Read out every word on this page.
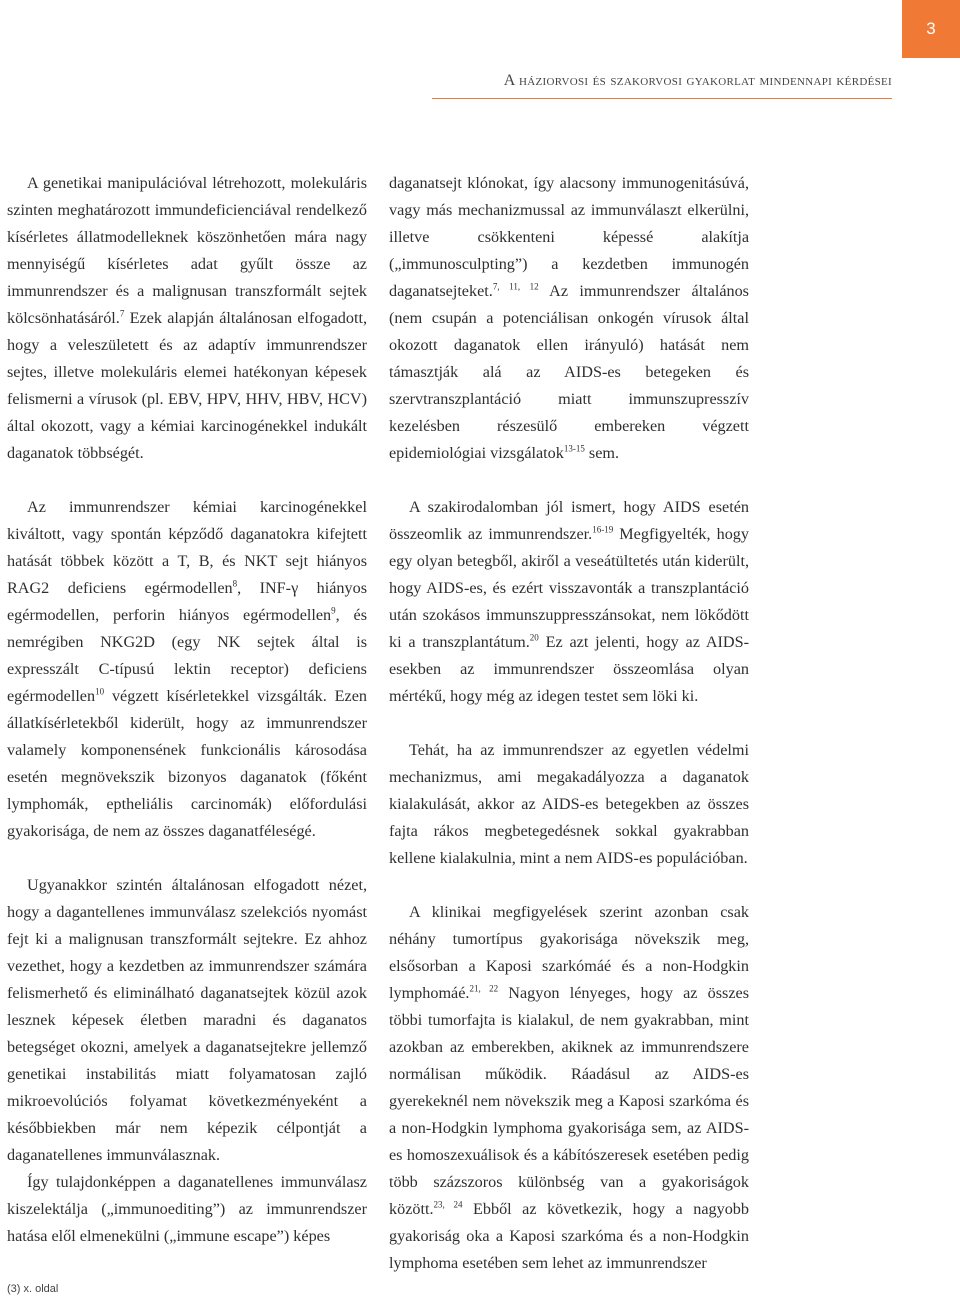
3
A háziorvosi és szakorvosi gyakorlat mindennapi kérdései

A genetikai manipulációval létrehozott, molekuláris szinten meghatározott immundeficienciával rendelkező kísérletes állatmodelleknek köszönhetően mára nagy mennyiségű kísérletes adat gyűlt össze az immunrendszer és a malignusan transzformált sejtek kölcsönhatásáról.$^7$ Ezek alapján általánosan elfogadott, hogy a veleszületett és az adaptív immunrendszer sejtes, illetve molekuláris elemei hatékonyan képesek felismerni a vírusok (pl. EBV, HPV, HHV, HBV, HCV) által okozott, vagy a kémiai karcinogénekkel indukált daganatok többségét.

Az immunrendszer kémiai karcinogénekkel kiváltott, vagy spontán képződő daganatokra kifejtett hatását többek között a T, B, és NKT sejt hiányos RAG2 deficiens egérmodellen$^8$, INF-γ hiányos egérmodellen, perforin hiányos egérmodellen$^9$, és nemrégiben NKG2D (egy NK sejtek által is expresszált C-típusú lektin receptor) deficiens egérmodellen$^{10}$ végzett kísérletekkel vizsgálták. Ezen állatkísérletekből kiderült, hogy az immunrendszer valamely komponensének funkcionális károsodása esetén megnövekszik bizonyos daganatok (főként lymphomák, eptheliális carcinomák) előfordulási gyakorisága, de nem az összes daganatféleségé.

Ugyanakkor szintén általánosan elfogadott nézet, hogy a dagantellenes immunválasz szelekciós nyomást fejt ki a malignusan transzformált sejtekre. Ez ahhoz vezethet, hogy a kezdetben az immunrendszer számára felismerhető és eliminálható daganatsejtek közül azok lesznek képesek életben maradni és daganatos betegséget okozni, amelyek a daganatsejtekre jellemző genetikai instabilitás miatt folyamatosan zajló mikroevolúciós folyamat következményeként a későbbiekben már nem képezik célpontját a daganatellenes immunválasznak.

Így tulajdonképpen a daganatellenes immunválasz kiszelektálja („immunoediting”) az immunrendszer hatása elől elmenekülni („immune escape”) képes

daganatsejt klónokat, így alacsony immunogenitásúvá, vagy más mechanizmussal az immunválaszt elkerülni, illetve csökkenteni képessé alakítja („immunosculpting”) a kezdetben immunogén daganatsejteket.$^{7, 11, 12}$ Az immunrendszer általános (nem csupán a potenciálisan onkogén vírusok által okozott daganatok ellen irányuló) hatását nem támasztják alá az AIDS-es betegeken és szervtranszplantáció miatt immunszupresszív kezelésben részesülő embereken végzett epidemiológiai vizsgálatok$^{13-15}$ sem.

A szakirodalomban jól ismert, hogy AIDS esetén összeomlik az immunrendszer.$^{16-19}$ Megfigyelték, hogy egy olyan betegből, akiről a veseátültetés után kiderült, hogy AIDS-es, és ezért visszavonták a transzplantáció után szokásos immunszuppresszánsokat, nem lökődött ki a transzplantátum.$^{20}$ Ez azt jelenti, hogy az AIDS-esekben az immunrendszer összeomlása olyan mértékű, hogy még az idegen testet sem löki ki.

Tehát, ha az immunrendszer az egyetlen védelmi mechanizmus, ami megakadályozza a daganatok kialakulását, akkor az AIDS-es betegekben az összes fajta rákos megbetegedésnek sokkal gyakrabban kellene kialakulnia, mint a nem AIDS-es populációban.

A klinikai megfigyelések szerint azonban csak néhány tumortípus gyakorisága növekszik meg, elsősorban a Kaposi szarkómáé és a non-Hodgkin lymphomáé.$^{21, 22}$ Nagyon lényeges, hogy az összes többi tumorfajta is kialakul, de nem gyakrabban, mint azokban az emberekben, akiknek az immunrendszere normálisan működik. Ráadásul az AIDS-es gyerekeknél nem növekszik meg a Kaposi szarkóma és a non-Hodgkin lymphoma gyakorisága sem, az AIDS-es homoszexuálisok és a kábítószeresek esetében pedig több százszoros különbség van a gyakoriságok között.$^{23, 24}$ Ebből az következik, hogy a nagyobb gyakoriság oka a Kaposi szarkóma és a non-Hodgkin lymphoma esetében sem lehet az immunrendszer

(3) x. oldal
